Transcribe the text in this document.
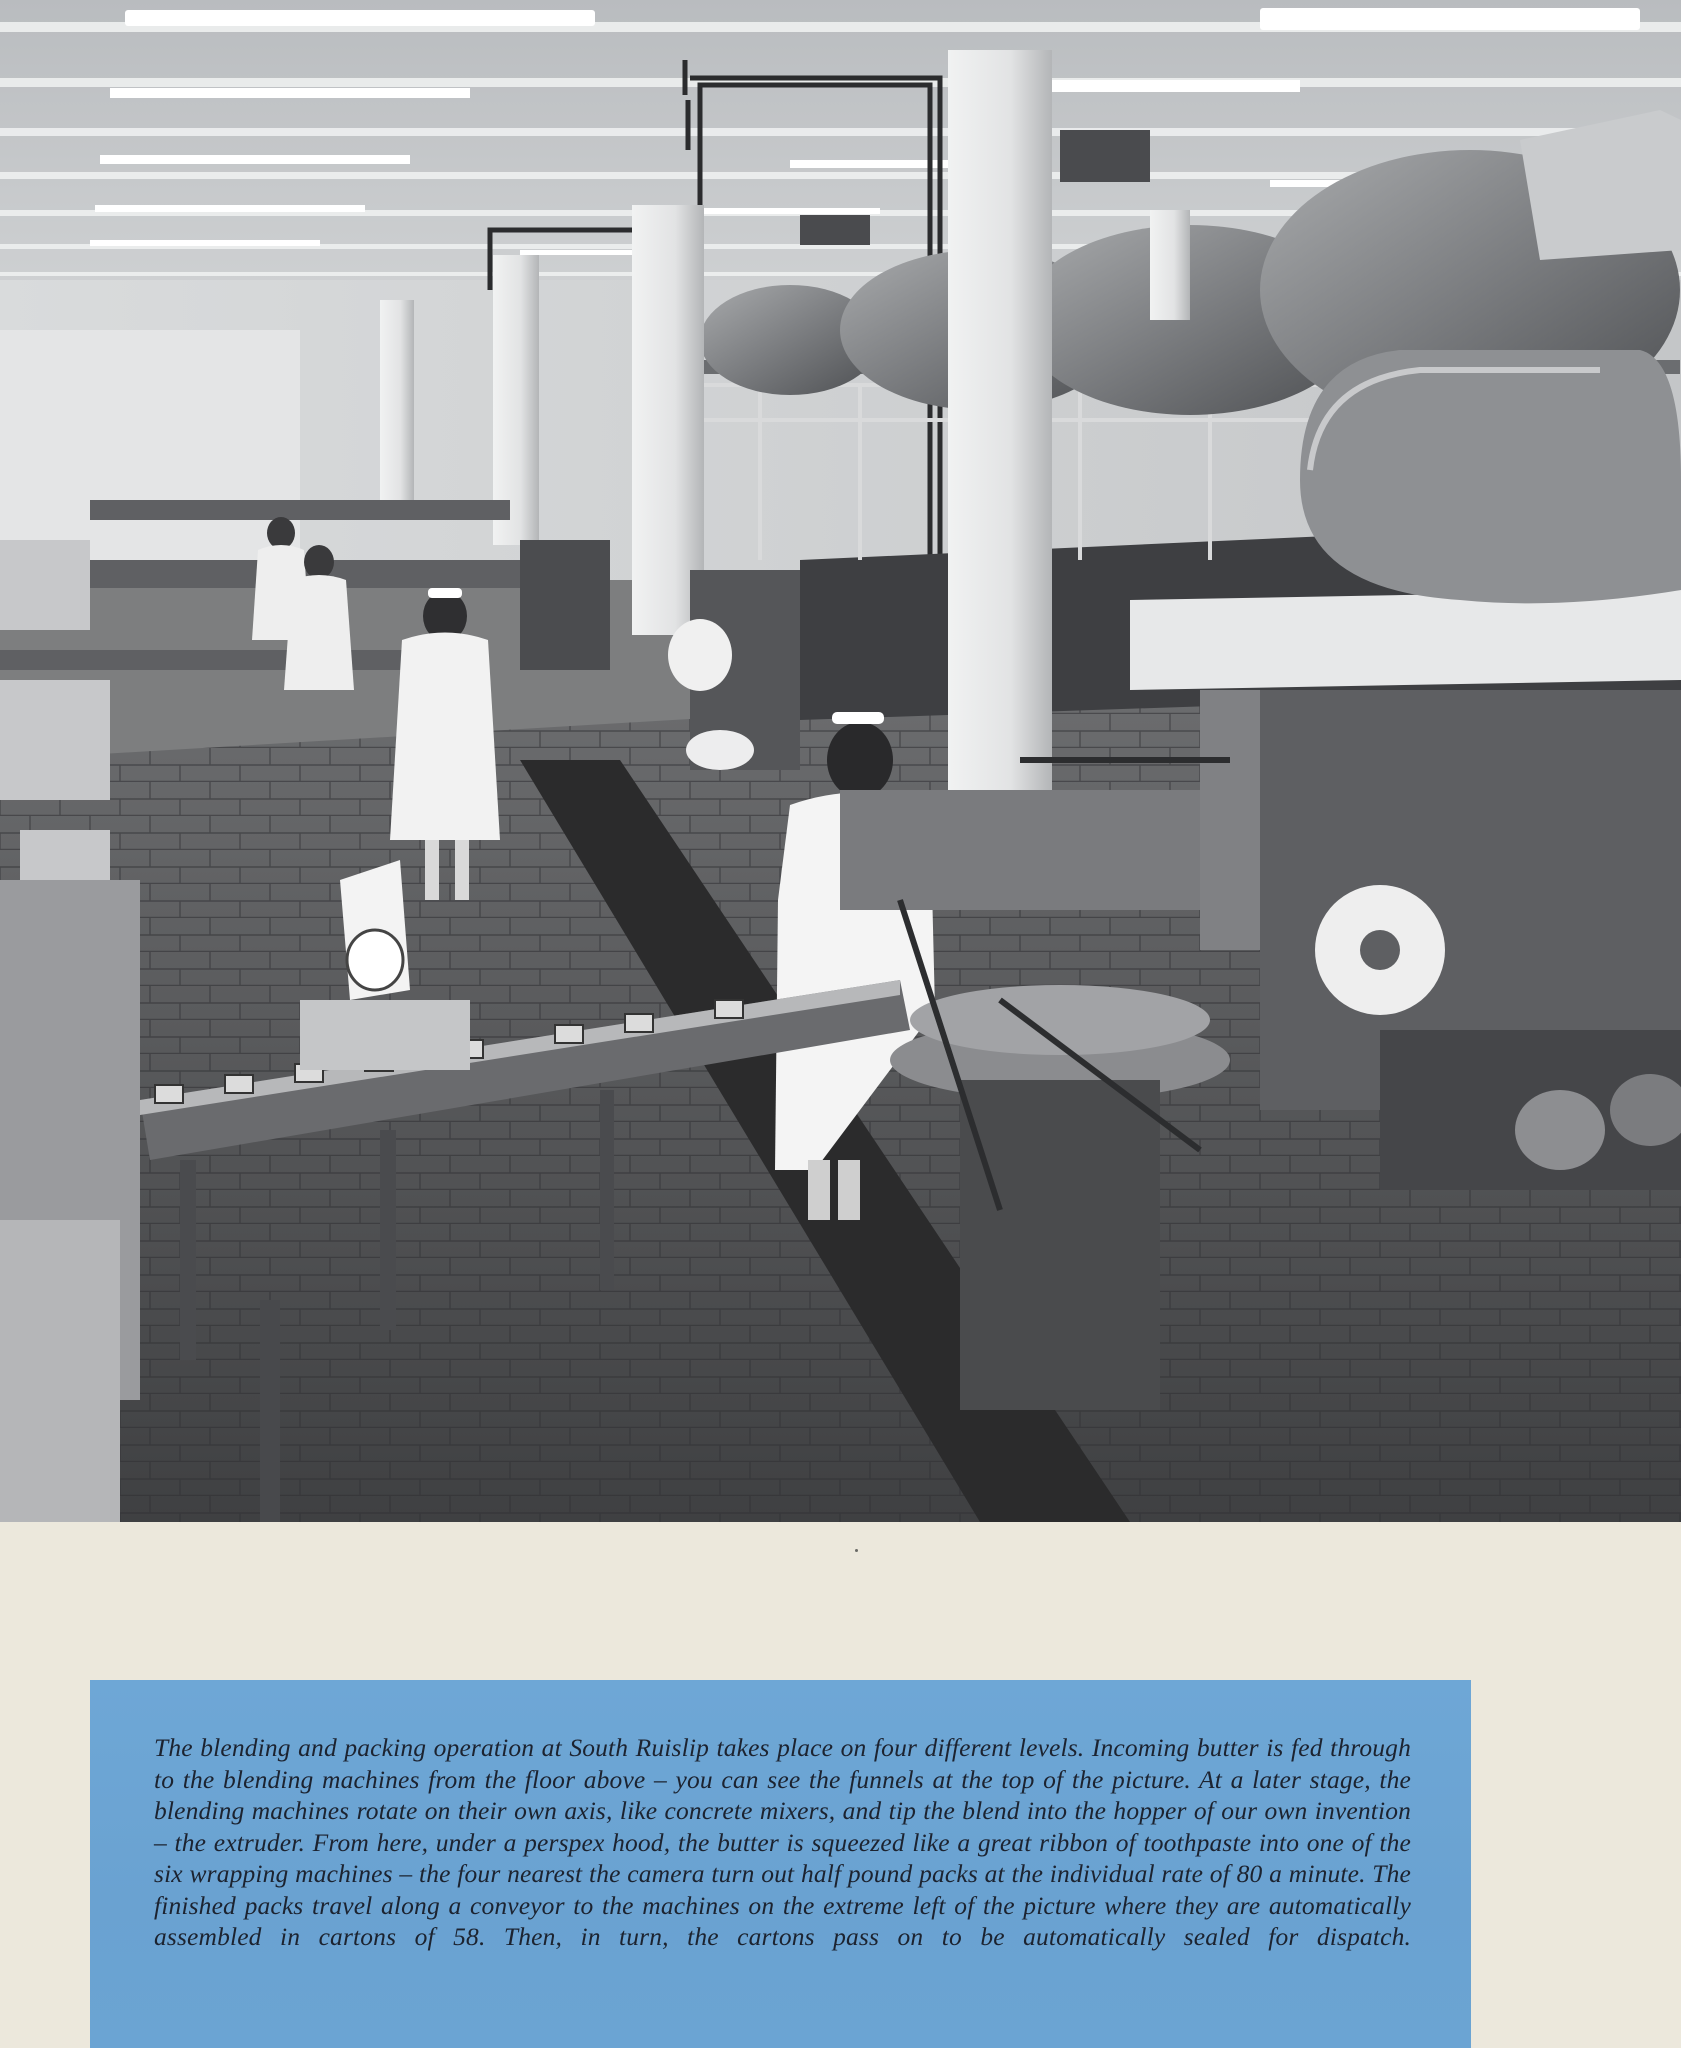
The blending and packing operation at South Ruislip takes place on four different levels. Incoming butter is fed through to the blending machines from the floor above – you can see the funnels at the top of the picture. At a later stage, the blending machines rotate on their own axis, like concrete mixers, and tip the blend into the hopper of our own invention – the extruder. From here, under a perspex hood, the butter is squeezed like a great ribbon of toothpaste into one of the six wrapping machines – the four nearest the camera turn out half pound packs at the individual rate of 80 a minute. The finished packs travel along a conveyor to the machines on the extreme left of the picture where they are automatically assembled in cartons of 58. Then, in turn, the cartons pass on to be automatically sealed for dispatch.
